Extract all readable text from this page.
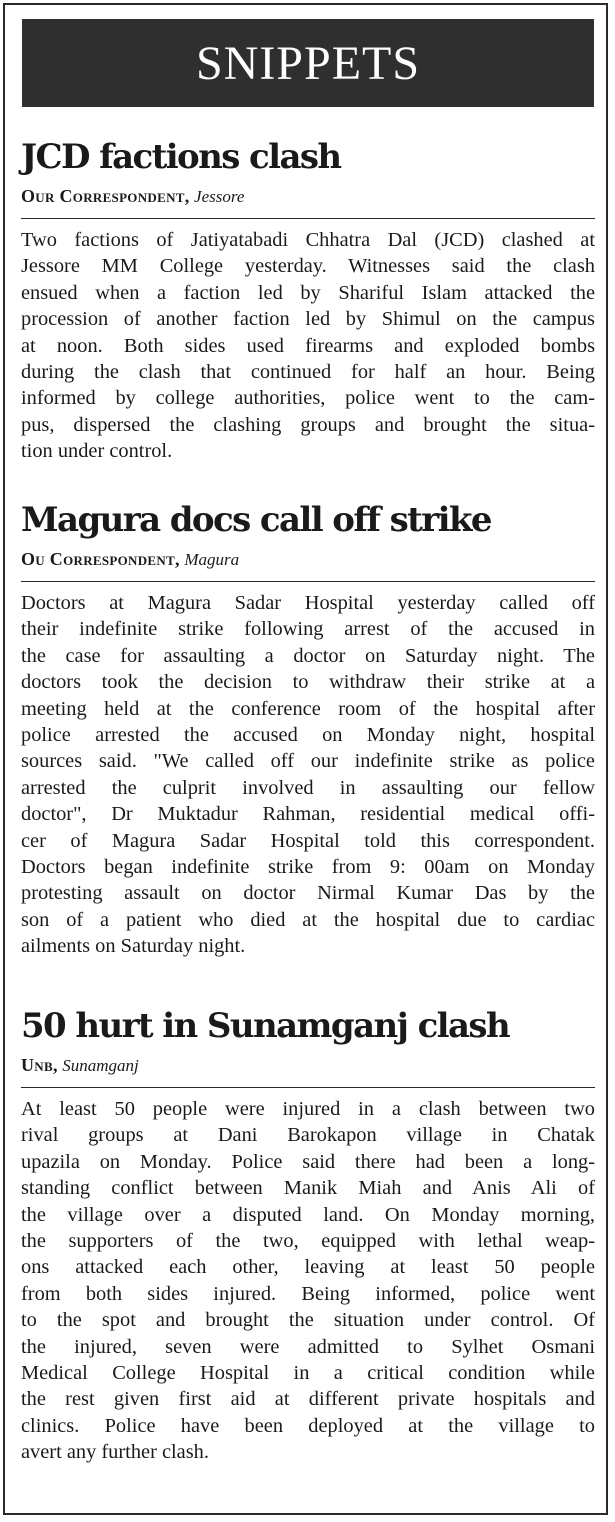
SNIPPETS
JCD factions clash
Our Correspondent, Jessore
Two factions of Jatiyatabadi Chhatra Dal (JCD) clashed at
Jessore MM College yesterday. Witnesses said the clash
ensued when a faction led by Shariful Islam attacked the
procession of another faction led by Shimul on the campus
at noon. Both sides used firearms and exploded bombs
during the clash that continued for half an hour. Being
informed by college authorities, police went to the cam-
pus, dispersed the clashing groups and brought the situa-
tion under control.
Magura docs call off strike
Ou Correspondent, Magura
Doctors at Magura Sadar Hospital yesterday called off
their indefinite strike following arrest of the accused in
the case for assaulting a doctor on Saturday night. The
doctors took the decision to withdraw their strike at a
meeting held at the conference room of the hospital after
police arrested the accused on Monday night, hospital
sources said. "We called off our indefinite strike as police
arrested the culprit involved in assaulting our fellow
doctor", Dr Muktadur Rahman, residential medical offi-
cer of Magura Sadar Hospital told this correspondent.
Doctors began indefinite strike from 9: 00am on Monday
protesting assault on doctor Nirmal Kumar Das by the
son of a patient who died at the hospital due to cardiac
ailments on Saturday night.
50 hurt in Sunamganj clash
Unb, Sunamganj
At least 50 people were injured in a clash between two
rival groups at Dani Barokapon village in Chatak
upazila on Monday. Police said there had been a long-
standing conflict between Manik Miah and Anis Ali of
the village over a disputed land. On Monday morning,
the supporters of the two, equipped with lethal weap-
ons attacked each other, leaving at least 50 people
from both sides injured. Being informed, police went
to the spot and brought the situation under control. Of
the injured, seven were admitted to Sylhet Osmani
Medical College Hospital in a critical condition while
the rest given first aid at different private hospitals and
clinics. Police have been deployed at the village to
avert any further clash.
